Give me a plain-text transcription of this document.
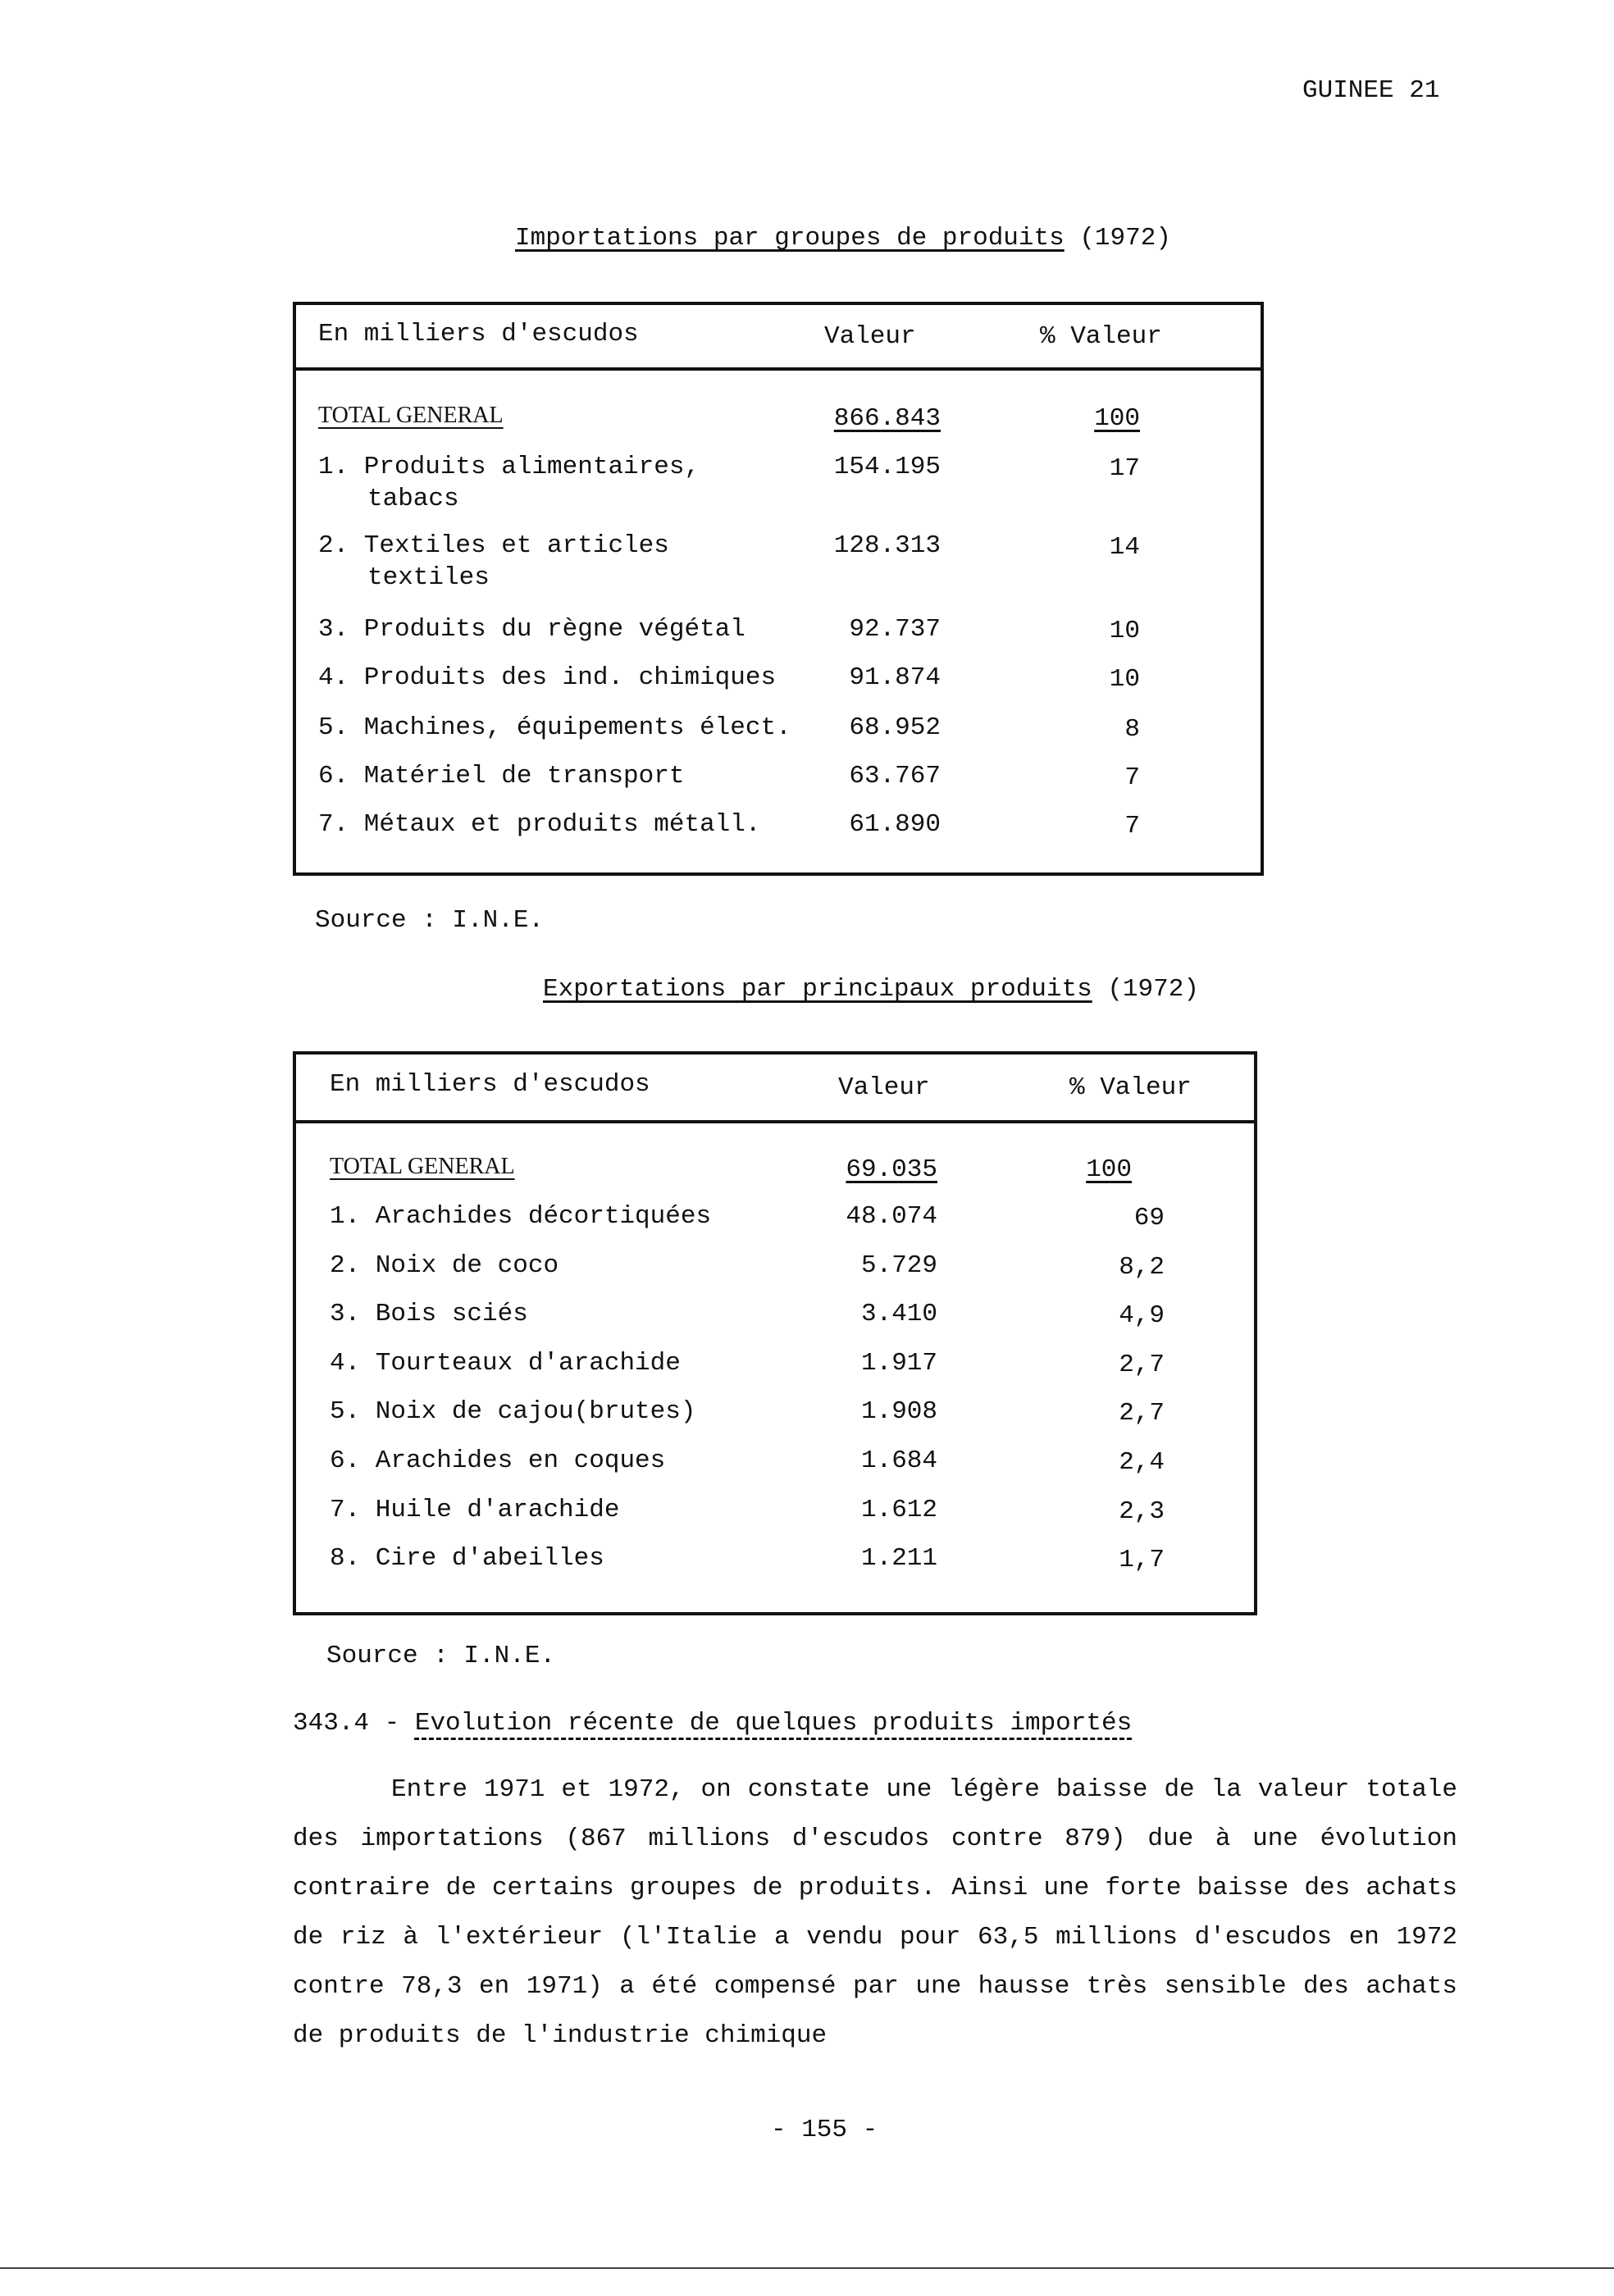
GUINEE 21
Importations par groupes de produits (1972)
En milliers d'escudos	Valeur	% Valeur
TOTAL GENERAL	866.843	100
1. Produits alimentaires,
tabacs
154.195	17
2. Textiles et articles
textiles
128.313	14
3. Produits du règne végétal	92.737	10
4. Produits des ind. chimiques	91.874	10
5. Machines, équipements élect.	68.952	8
6. Matériel de transport	63.767	7
7. Métaux et produits métall.	61.890	7
Source : I.N.E.
Exportations par principaux produits (1972)
En milliers d'escudos	Valeur	% Valeur
TOTAL GENERAL	69.035	100
1. Arachides décortiquées	48.074	69
2. Noix de coco	5.729	8,2
3. Bois sciés	3.410	4,9
4. Tourteaux d'arachide	1.917	2,7
5. Noix de cajou(brutes)	1.908	2,7
6. Arachides en coques	1.684	2,4
7. Huile d'arachide	1.612	2,3
8. Cire d'abeilles	1.211	1,7
Source : I.N.E.
343.4 - Evolution récente de quelques produits importés
Entre 1971 et 1972, on constate une légère baisse de la valeur totale des importations (867 millions d'escudos contre 879) due à une évolution contraire de certains groupes de produits. Ainsi une forte baisse des achats de riz à l'extérieur (l'Italie a vendu pour 63,5 millions d'escudos en 1972 contre 78,3 en 1971) a été compensé par une hausse très sensible des achats de produits de l'industrie chimique
- 155 -
